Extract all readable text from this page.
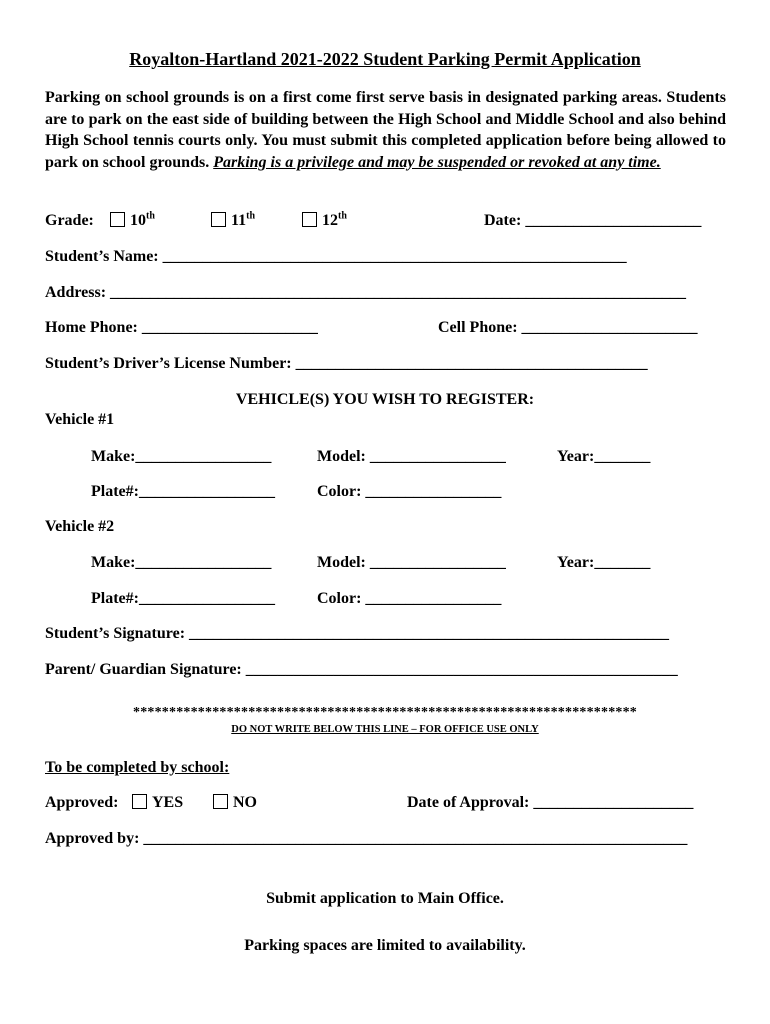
Royalton-Hartland 2021-2022 Student Parking Permit Application
Parking on school grounds is on a first come first serve basis in designated parking areas. Students are to park on the east side of building between the High School and Middle School and also behind High School tennis courts only. You must submit this completed application before being allowed to park on school grounds. Parking is a privilege and may be suspended or revoked at any time.
Grade:	10th	11th	12th	Date: ______________________
Student’s Name: __________________________________________________________
Address: ________________________________________________________________________
Home Phone: ______________________	Cell Phone: ______________________
Student’s Driver’s License Number: ____________________________________________
VEHICLE(S) YOU WISH TO REGISTER:
Vehicle #1
Make:_________________	Model: _________________	Year:_______
Plate#:_________________	Color: _________________
Vehicle #2
Make:_________________	Model: _________________	Year:_______
Plate#:_________________	Color: _________________
Student’s Signature: ____________________________________________________________
Parent/ Guardian Signature: ______________________________________________________
**********************************************************************
DO NOT WRITE BELOW THIS LINE – FOR OFFICE USE ONLY
To be completed by school:
Approved:	YES	NO	Date of Approval: ____________________
Approved by: ____________________________________________________________________
Submit application to Main Office.
Parking spaces are limited to availability.
